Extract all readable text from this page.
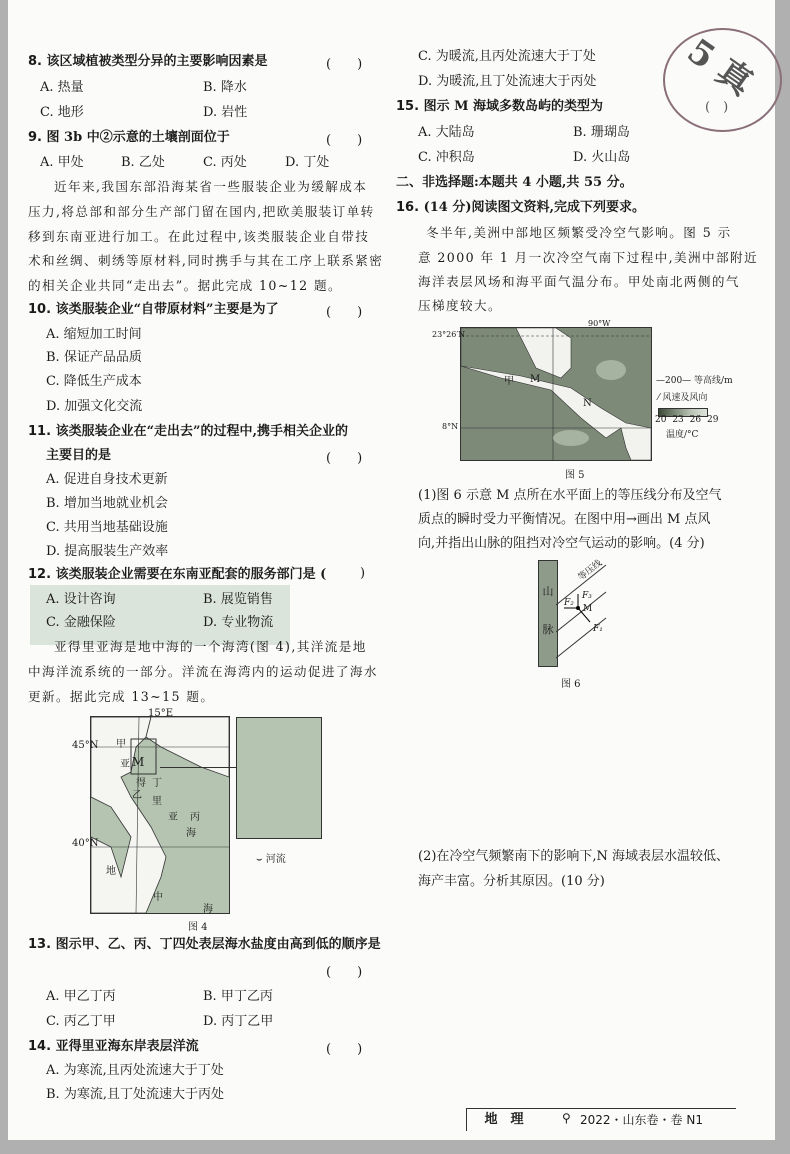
8. 该区域植被类型分异的主要影响因素是	(　　)
A. 热量	B. 降水
C. 地形	D. 岩性
9. 图 3b 中②示意的土壤剖面位于	(　　)
A. 甲处	B. 乙处	C. 丙处	D. 丁处
近年来,我国东部沿海某省一些服装企业为缓解成本
压力,将总部和部分生产部门留在国内,把欧美服装订单转
移到东南亚进行加工。在此过程中,该类服装企业自带技
术和丝绸、刺绣等原材料,同时携手与其在工序上联系紧密
的相关企业共同“走出去”。据此完成 10~12 题。
10. 该类服装企业“自带原材料”主要是为了	(　　)
A. 缩短加工时间
B. 保证产品品质
C. 降低生产成本
D. 加强文化交流
11. 该类服装企业在“走出去”的过程中,携手相关企业的
主要目的是	(　　)
A. 促进自身技术更新
B. 增加当地就业机会
C. 共用当地基础设施
D. 提高服装生产效率
12. 该类服装企业需要在东南亚配套的服务部门是 (	)
A. 设计咨询	B. 展览销售
C. 金融保险	D. 专业物流
亚得里亚海是地中海的一个海湾(图 4),其洋流是地
中海洋流系统的一部分。洋流在海湾内的运动促进了海水
更新。据此完成 13~15 题。
15°E
45°N
40°N
甲
亚 M
得 丁
乙
里
亚 丙
海
地
中
海
⌣ 河流
图 4
13. 图示甲、乙、丙、丁四处表层海水盐度由高到低的顺序是
(　　)
A. 甲乙丁丙	B. 甲丁乙丙
C. 丙乙丁甲	D. 丙丁乙甲
14. 亚得里亚海东岸表层洋流	(　　)
A. 为寒流,且丙处流速大于丁处
B. 为寒流,且丁处流速大于丙处
C. 为暖流,且丙处流速大于丁处
D. 为暖流,且丁处流速大于丙处 5 真
(　)
15. 图示 M 海域多数岛屿的类型为
A. 大陆岛	B. 珊瑚岛
C. 冲积岛	D. 火山岛
二、非选择题:本题共 4 小题,共 55 分。
16. (14 分)阅读图文资料,完成下列要求。
冬半年,美洲中部地区频繁受冷空气影响。图 5 示
意 2000 年 1 月一次冷空气南下过程中,美洲中部附近
海洋表层风场和海平面气温分布。甲处南北两侧的气
压梯度较大。
90°W
23°26′N
8°N
甲 M
N
—200— 等高线/m
⁄ 风速及风向
20 23 26 29
温度/°C
图 5
(1)图 6 示意 M 点所在水平面上的等压线分布及空气
质点的瞬时受力平衡情况。在图中用→画出 M 点风
向,并指出山脉的阻挡对冷空气运动的影响。(4 分)
山
脉
等压线
F₃
F₂
M
F₁
图 6
(2)在冷空气频繁南下的影响下,N 海域表层水温较低、
海产丰富。分析其原因。(10 分)
地　理	⚲ 2022・山东卷・卷 N1
